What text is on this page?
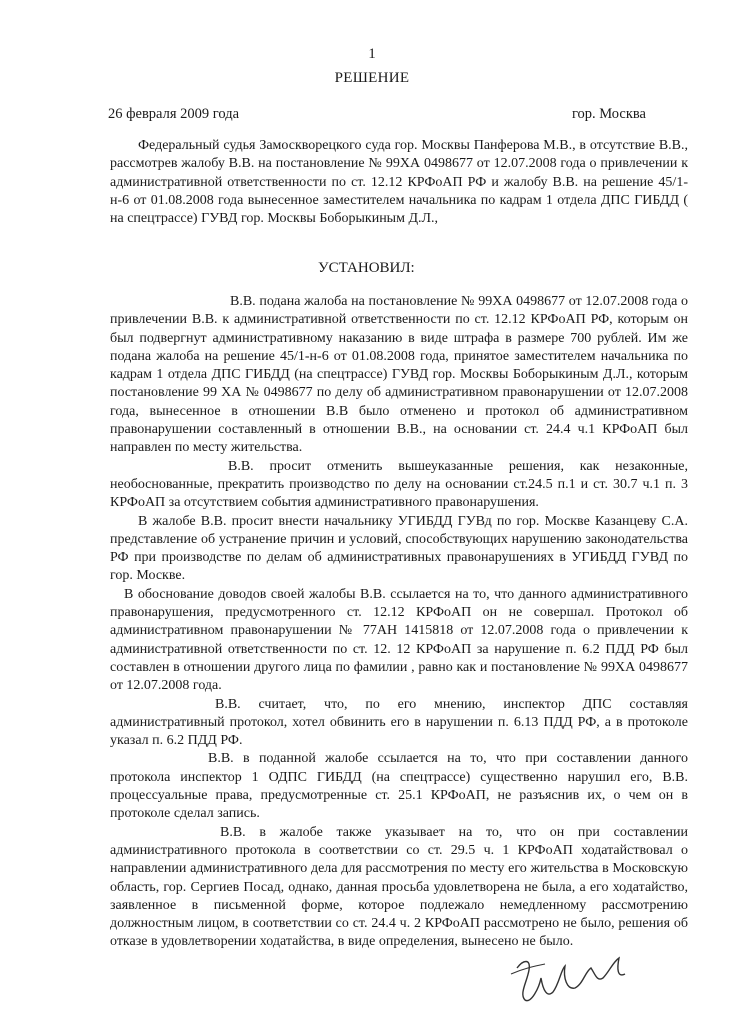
1
РЕШЕНИЕ
26 февраля 2009 года	гор. Москва

Федеральный судья Замоскворецкого суда гор. Москвы Панферова М.В., в отсутствие В.В., рассмотрев жалобу В.В. на постановление № 99ХА 0498677 от 12.07.2008 года о привлечении к административной ответственности по ст. 12.12 КРФоАП РФ и жалобу В.В. на решение 45/1-н-6 от 01.08.2008 года вынесенное заместителем начальника по кадрам 1 отдела ДПС ГИБДД ( на спецтрассе) ГУВД гор. Москвы Боборыкиным Д.Л.,

УСТАНОВИЛ:

В.В. подана жалоба на постановление № 99ХА 0498677 от 12.07.2008 года о привлечении В.В. к административной ответственности по ст. 12.12 КРФоАП РФ, которым он был подвергнут административному наказанию в виде штрафа в размере 700 рублей. Им же подана жалоба на решение 45/1-н-6 от 01.08.2008 года, принятое заместителем начальника по кадрам 1 отдела ДПС ГИБДД (на спецтрассе) ГУВД гор. Москвы Боборыкиным Д.Л., которым постановление 99 ХА № 0498677 по делу об административном правонарушении от 12.07.2008 года, вынесенное в отношении В.В было отменено и протокол об административном правонарушении составленный в отношении В.В., на основании ст. 24.4 ч.1 КРФоАП был направлен по месту жительства.

В.В. просит отменить вышеуказанные решения, как незаконные, необоснованные, прекратить производство по делу на основании ст.24.5 п.1 и ст. 30.7 ч.1 п. 3 КРФоАП за отсутствием события административного правонарушения.

В жалобе В.В. просит внести начальнику УГИБДД ГУВд по гор. Москве Казанцеву С.А. представление об устранение причин и условий, способствующих нарушению законодательства РФ при производстве по делам об административных правонарушениях в УГИБДД ГУВД по гор. Москве.

В обоснование доводов своей жалобы В.В. ссылается на то, что данного административного правонарушения, предусмотренного ст. 12.12 КРФоАП он не совершал. Протокол об административном правонарушении № 77АН 1415818 от 12.07.2008 года о привлечении к административной ответственности по ст. 12. 12 КРФоАП за нарушение п. 6.2 ПДД РФ был составлен в отношении другого лица по фамилии , равно как и постановление № 99ХА 0498677 от 12.07.2008 года.

В.В. считает, что, по его мнению, инспектор ДПС составляя административный протокол, хотел обвинить его в нарушении п. 6.13 ПДД РФ, а в протоколе указал п. 6.2 ПДД РФ.

В.В. в поданной жалобе ссылается на то, что при составлении данного протокола инспектор 1 ОДПС ГИБДД (на спецтрассе) существенно нарушил его, В.В. процессуальные права, предусмотренные ст. 25.1 КРФоАП, не разъяснив их, о чем он в протоколе сделал запись.

В.В. в жалобе также указывает на то, что он при составлении административного протокола в соответствии со ст. 29.5 ч. 1 КРФоАП ходатайствовал о направлении административного дела для рассмотрения по месту его жительства в Московскую область, гор. Сергиев Посад, однако, данная просьба удовлетворена не была, а его ходатайство, заявленное в письменной форме, которое подлежало немедленному рассмотрению должностным лицом, в соответствии со ст. 24.4 ч. 2 КРФоАП рассмотрено не было, решения об отказе в удовлетворении ходатайства, в виде определения, вынесено не было.
